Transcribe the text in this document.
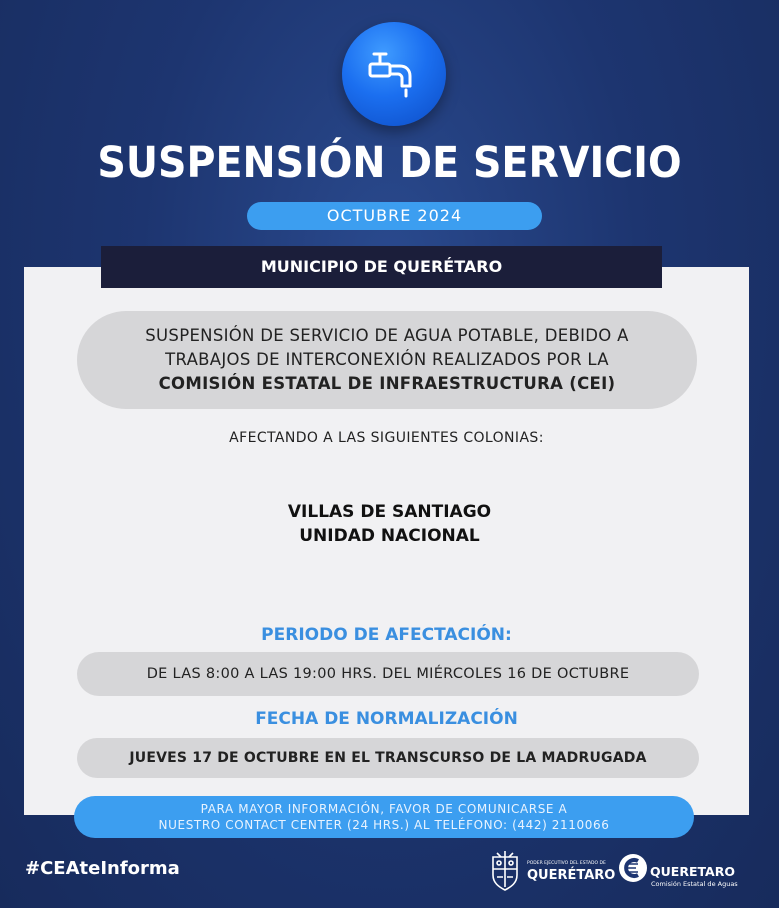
SUSPENSIÓN DE SERVICIO
OCTUBRE 2024
MUNICIPIO DE QUERÉTARO
SUSPENSIÓN DE SERVICIO DE AGUA POTABLE, DEBIDO A
TRABAJOS DE INTERCONEXIÓN REALIZADOS POR LA
COMISIÓN ESTATAL DE INFRAESTRUCTURA (CEI)
AFECTANDO A LAS SIGUIENTES COLONIAS:
VILLAS DE SANTIAGO
UNIDAD NACIONAL
PERIODO DE AFECTACIÓN:
DE LAS 8:00 A LAS 19:00 HRS. DEL MIÉRCOLES 16 DE OCTUBRE
FECHA DE NORMALIZACIÓN
JUEVES 17 DE OCTUBRE EN EL TRANSCURSO DE LA MADRUGADA
PARA MAYOR INFORMACIÓN, FAVOR DE COMUNICARSE A
NUESTRO CONTACT CENTER (24 HRS.) AL TELÉFONO: (442) 2110066
#CEAteInforma	PODER EJECUTIVO DEL ESTADO DE
QUERÉTARO	QUERETARO
Comisión Estatal de Aguas
